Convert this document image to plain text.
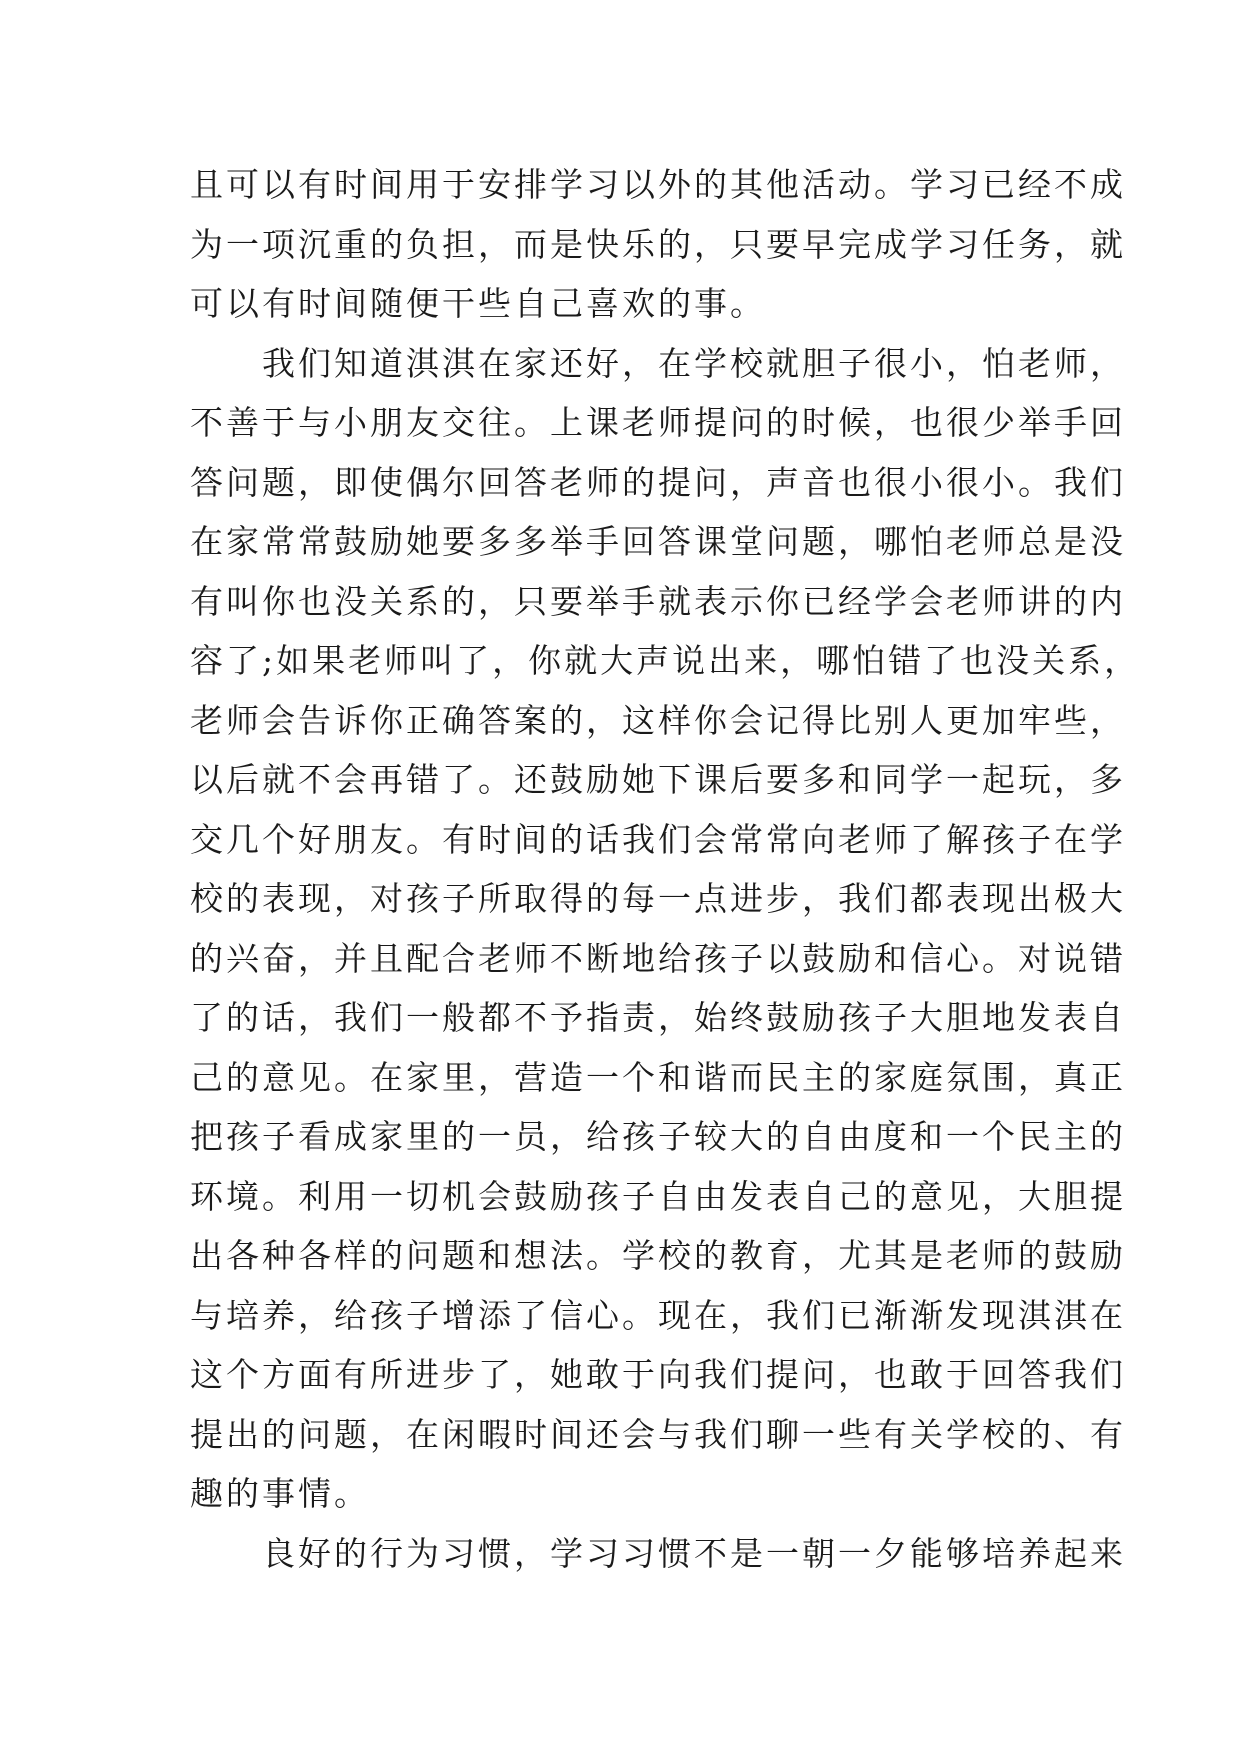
且可以有时间用于安排学习以外的其他活动。学习已经不成
为一项沉重的负担，而是快乐的，只要早完成学习任务，就
可以有时间随便干些自己喜欢的事。
我们知道淇淇在家还好，在学校就胆子很小，怕老师，
不善于与小朋友交往。上课老师提问的时候，也很少举手回
答问题，即使偶尔回答老师的提问，声音也很小很小。我们
在家常常鼓励她要多多举手回答课堂问题，哪怕老师总是没
有叫你也没关系的，只要举手就表示你已经学会老师讲的内
容了;如果老师叫了，你就大声说出来，哪怕错了也没关系，
老师会告诉你正确答案的，这样你会记得比别人更加牢些，
以后就不会再错了。还鼓励她下课后要多和同学一起玩，多
交几个好朋友。有时间的话我们会常常向老师了解孩子在学
校的表现，对孩子所取得的每一点进步，我们都表现出极大
的兴奋，并且配合老师不断地给孩子以鼓励和信心。对说错
了的话，我们一般都不予指责，始终鼓励孩子大胆地发表自
己的意见。在家里，营造一个和谐而民主的家庭氛围，真正
把孩子看成家里的一员，给孩子较大的自由度和一个民主的
环境。利用一切机会鼓励孩子自由发表自己的意见，大胆提
出各种各样的问题和想法。学校的教育，尤其是老师的鼓励
与培养，给孩子增添了信心。现在，我们已渐渐发现淇淇在
这个方面有所进步了，她敢于向我们提问，也敢于回答我们
提出的问题，在闲暇时间还会与我们聊一些有关学校的、有
趣的事情。
良好的行为习惯，学习习惯不是一朝一夕能够培养起来
